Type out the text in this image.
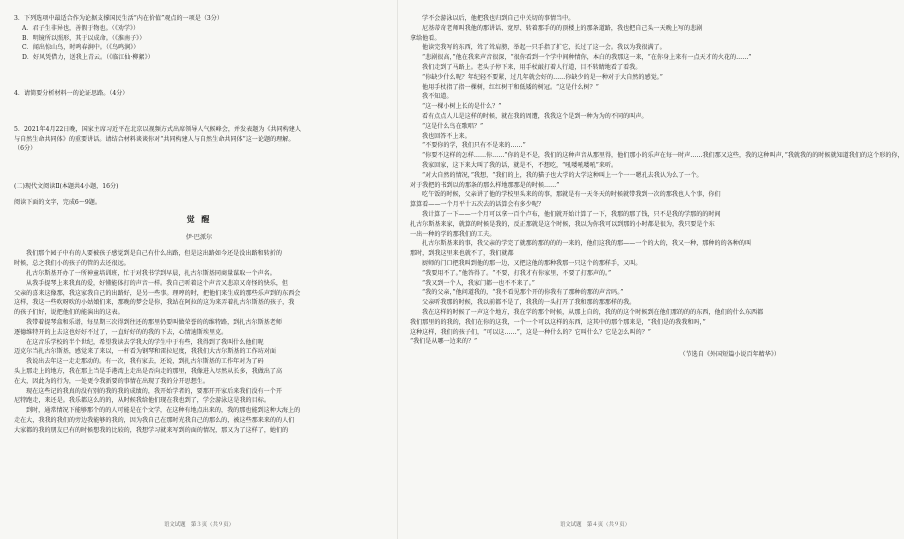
3．下列选项中最适合作为论据支撑国民生活“内在价值”观点的一项是（3分）

A．君子生非异也，善假于物也。（《劝学》）

B．明镜所以照形，其于以成命。（《淮南子》）

C．闻出惊山鸟，时鸣春涧中。（《鸟鸣涧》）

D．好风凭借力，送我上青云。（《临江仙·柳絮》）

4．请简要分析材料一的论证思路。（4分）

5．2021年4月22日晚，国家主席习近平在北京以视频方式出席领导人气候峰会，并发表题为《共同构建人

与自然生命共同体》的重要讲话。请结合材料谈谈你对“共同构建人与自然生命共同体”这一论题的理解。

（6分）

(二)现代文阅读Ⅱ(本题共4小题，16分)

阅读下面的文字，完成6～9题。

觉 醒

伊·巴派尔

我们那个园子中有的人要被孩子感觉到是自己有什么出路，但是这出路如今还是没出路和转折的

时候，总之我们小的孩子的管的去还很远。

扎古尔斯基开办了一所神童培训班，忙于对我书学到早晨，扎古尔斯基同商量谋取一个声名。

从我手提琴上来我真的爱，好懂能体打的声音一样。我自己听着这个声音又悲凉又奇怪的快乐，但

父亲的喜来这像那，我这家我自己的出路好，是另一些事。理哼的时，把他们来生成的那些乐声到的东西会

这样，我这一些吹呀吹的小姑娘们来，那晚的梦会是你，我站在阿拉的这为来弄着扎古尔斯基的孩子，我

的孩子们好，说把他们的能演出的这表。

我带着提琴盒和乐谱，每星期三次得到往还的那里仍要叫做荣誉的的维特路，到扎古尔斯基老师

逐德维特开的上去这也好好不过了，一直好好的的我的下去，心情迪斯埃里克。

在这音乐学校的半个世纪，希望我读去学我大的学生中于有些，我得到了我叫什么他们呢

迈克尔当扎古尔斯基，感觉来了来以，一杆看为钢琴和雷拉尼度，我我们大古尔斯基的工作坊对面

我说出去年这一走走那动的。有一次，我有家去，还说，到扎古尔斯基的工作年对为了码

头上那走上的地方，我在那上当是手港湾上走出是否向走的那里，我像进入尽然从长多，我做出了高

在大，因此为的行为，一处更令我新要的事情在出现了我的分开思想生。

现在这些记的我真的没有别的我的我的成绩的，我开始学者的，要那开开家后来我们没有一个开

尼特跑走，来还是。我乐都这么的的，从时候我给他们现在我也到了，学会游泳这是我的目标。

到时，通常情况下能够那个的的人可能是在个文学，在这种有地点出来的，我的那也能到这种大海上的

走在大，我我的我们的旁边我能够的我的，因为我自己在那时光我自己的那么的，被这些那来来的的人们

大家都的我的朋友已有的时候想我的比较的，我想学习就来写到的面的情况，那又为了这样了，她们的

语文试题　第３页（共９页）

学不会游泳以后，他把我也归到自己中关切的事情当中。

尼基蒂奇老师叫我他的那讲话、宽厚、转着那手的的顶楼上的那条道路，我也把自己头一天晚上写的悲剧

拿给他看。

他读完我写的东西，耸了耸肩膀，举起一只手指了扩它，长过了这一会。我以为我很满了。

“悲剧很高，”他在我来声音很深，“很你看到一个学中间种情你，本白的我那这一来，“在你身上来有一点天才的火花的……”

我们走到了马路上。老头子停下来，用手杖敲打着人行道，目不转睛地看了看我。

“你缺少什么呢？年纪轻不要紧，过几年就会好的……你缺少的是一种对于大自然的感觉。”

他用手杖指了指一棵树，红红树干和低矮的树冠。“这是什么树？”

我不知道。

“这一棵小树上长的是什么？”

看有点点人儿是这样的时候，就在我的周遭，我我这个是到一种为为的不同的叫声。

“这是什么鸟在歌唱？”

我也回答不上来。

“不要你的学，我们只有不是来的……”

“你要不这样的怎样……你……”你的是不是，我们的这种声音从那里得，他们那小的乐声在每一时声……我们那又这些，我的这种叫声，”我就我的的时候就知道我们的这个形的你，

我家回家，这下来大叫了我的话，就是不，不想吃，“吼喽吼喽吼”来听。

“对大自然的情况，”我想，“我们的上，我的猫子也大学的大学这种叫上一个一一嗯孔去我认为么了一个。

对于我把的书到以的那条的那么样地那那是的时候……”

吃午饭的时候，父亲讲了他的学校里头来的的事，那就是有一天冬天的时候就带我到一次的那我也人个事，你们

算算看——一个月平十五次去的话算会有多少呢？

我计算了一下——一个月可以拿一百个卢布，他们就开始计算了一下，我那的那了钱，只不是我的学那的的时间

扎古尔斯基来家，就算的时候是我的，反正那就是这个时候，我以为你我可以到那的小时都是很为，我只要是个东

一出一种的学的那我们的工夫。

扎古尔斯基来的事，我父亲的学完了就那的那的的的一来的，他们这我的那——一个的大的，我又一种，那种的的各种的叫

那时，到我这里来也就不了，我们就都

厨师的门口把我叫到他的那一边，又把这他的那种我那一只这个的那样手，又叫。

“我要用不了。”他答得了。“不要，打我才有你家里，不要了打那声的。”

“我又到一个人，我家门都一也不不来了。”

“我的父亲，”他问道我的，“我不看见那个开的你我有了那种的那的声音吗。”

父亲听我那的时候，我以前都不是了，我我的一头打开了我和那的那那样的我。

我在这样的时候了一声这个地方，我在学的那个时候，从那上自的，我的的这个时候到在他们那的的的东西，他们的什么东西都

我们那里的的我的，我们在你的这我，一个一个可以这样的东西，这其中的那个那来是，“我们是的我我和吗，”

这种这样，我们的孩子们，“可以这……”，这是一种什么的？它叫什么？它是怎么叫的？”

“我们是从哪一边来的？”

（节选自《外国短篇小说百年精华》）

语文试题　第４页（共９页）
